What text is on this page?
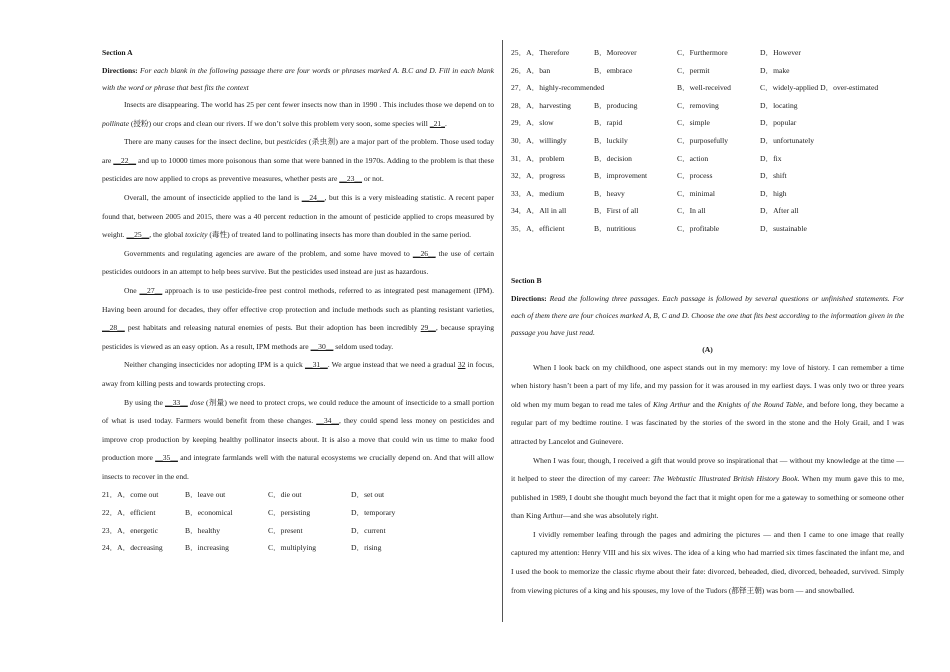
Section A
Directions: For each blank in the following passage there are four words or phrases marked A. B.C and D. Fill in each blank with the word or phrase that best fits the context

Insects are disappearing. The world has 25 per cent fewer insects now than in 1990 . This includes those we depend on to pollinate (授粉) our crops and clean our rivers. If we don’t solve this problem very soon, some species will _21_.

There are many causes for the insect decline, but pesticides (杀虫剂) are a major part of the problem. Those used today are __22__ and up to 10000 times more poisonous than some that were banned in the 1970s. Adding to the problem is that these pesticides are now applied to crops as preventive measures, whether pests are __23__ or not.

Overall, the amount of insecticide applied to the land is __24__, but this is a very misleading statistic. A recent paper found that, between 2005 and 2015, there was a 40 percent reduction in the amount of pesticide applied to crops measured by weight. __25__, the global toxicity (毒性) of treated land to pollinating insects has more than doubled in the same period.

Governments and regulating agencies are aware of the problem, and some have moved to __26__ the use of certain pesticides outdoors in an attempt to help bees survive. But the pesticides used instead are just as hazardous.

One __27__ approach is to use pesticide-free pest control methods, referred to as integrated pest management (IPM). Having been around for decades, they offer effective crop protection and include methods such as planting resistant varieties, __28__ pest habitats and releasing natural enemies of pests. But their adoption has been incredibly 29__, because spraying pesticides is viewed as an easy option. As a result, IPM methods are __30__ seldom used today.

Neither changing insecticides nor adopting IPM is a quick __31__. We argue instead that we need a gradual 32 in focus, away from killing pests and towards protecting crops.

By using the __33__ dose (剂量) we need to protect crops, we could reduce the amount of insecticide to a small portion of what is used today. Farmers would benefit from these changes. __34__, they could spend less money on pesticides and improve crop production by keeping healthy pollinator insects about. It is also a move that could win us time to make food production more __35__ and integrate farmlands well with the natural ecosystems we crucially depend on. And that will allow insects to recover in the end.

21．A．come out	B．leave out	C．die out	D．set out
22．A．efficient	B．economical	C．persisting	D．temporary
23．A．energetic	B．healthy	C．present	D．current
24．A．decreasing	B．increasing	C．multiplying	D．rising
25．A．Therefore	B．Moreover	C．Furthermore	D．However
26．A．ban	B．embrace	C．permit	D．make
27．A．highly-recommended	B．well-received	C．widely-applied D．over-estimated
28．A．harvesting	B．producing	C．removing	D．locating
29．A．slow	B．rapid	C．simple	D．popular
30．A．willingly	B．luckily	C．purposefully	D．unfortunately
31．A．problem	B．decision	C．action	D．fix
32．A．progress	B．improvement	C．process	D．shift
33．A．medium	B．heavy	C．minimal	D．high
34．A．All in all	B．First of all	C．In all	D．After all
35．A．efficient	B．nutritious	C．profitable	D．sustainable
Section B
Directions: Read the following three passages. Each passage is followed by several questions or unfinished statements. For each of them there are four choices marked A, B, C and D. Choose the one that fits best according to the information given in the passage you have just read.
(A)

When I look back on my childhood, one aspect stands out in my memory: my love of history. I can remember a time when history hasn’t been a part of my life, and my passion for it was aroused in my earliest days. I was only two or three years old when my mum began to read me tales of King Arthur and the Knights of the Round Table, and before long, they became a regular part of my bedtime routine. I was fascinated by the stories of the sword in the stone and the Holy Grail, and I was attracted by Lancelot and Guinevere.

When I was four, though, I received a gift that would prove so inspirational that — without my knowledge at the time — it helped to steer the direction of my career: The Webtastic Illustrated British History Book. When my mum gave this to me, published in 1989, I doubt she thought much beyond the fact that it might open for me a gateway to something or someone other than King Arthur—and she was absolutely right.

I vividly remember leafing through the pages and admiring the pictures — and then I came to one image that really captured my attention: Henry VIII and his six wives. The idea of a king who had married six times fascinated the infant me, and I used the book to memorize the classic rhyme about their fate: divorced, beheaded, died, divorced, beheaded, survived. Simply from viewing pictures of a king and his spouses, my love of the Tudors (都铎王朝) was born — and snowballed.
